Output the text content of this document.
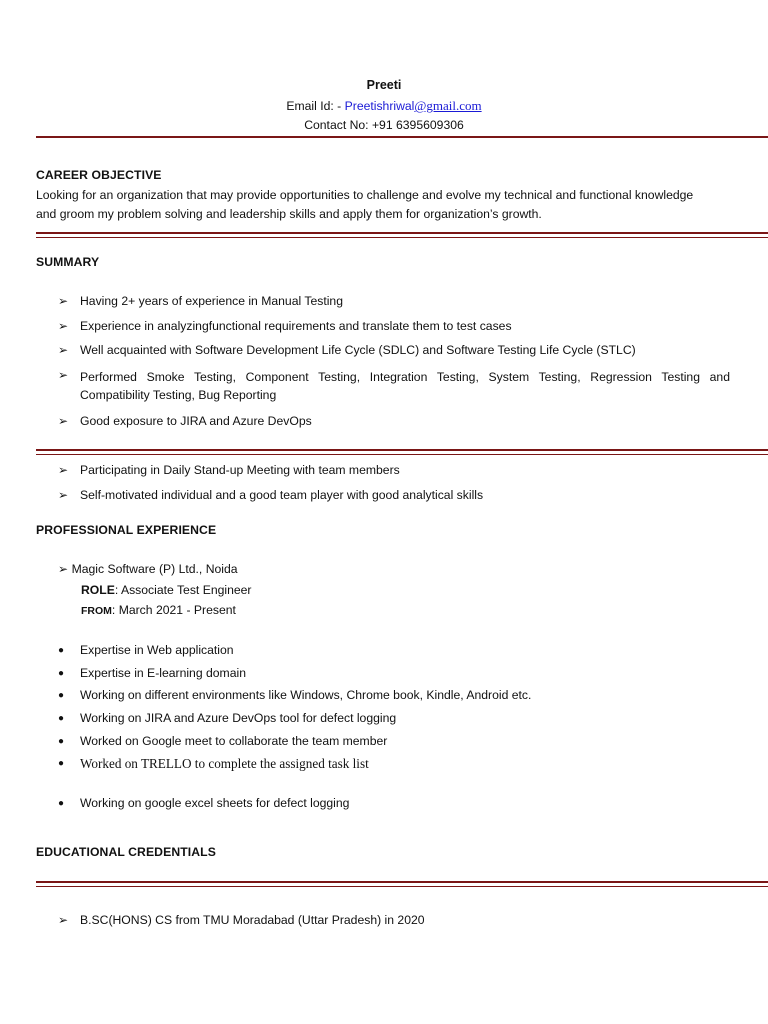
Preeti
Email Id: - Preetishriwal@gmail.com
Contact No: +91 6395609306
CAREER OBJECTIVE
Looking for an organization that may provide opportunities to challenge and evolve my technical and functional knowledge
and groom my problem solving and leadership skills and apply them for organization’s growth.
SUMMARY
➢ Having 2+ years of experience in Manual Testing
➢ Experience in analyzingfunctional requirements and translate them to test cases
➢ Well acquainted with Software Development Life Cycle (SDLC) and Software Testing Life Cycle (STLC)
➢ Performed Smoke Testing, Component Testing, Integration Testing, System Testing, Regression Testing and Compatibility Testing, Bug Reporting
➢ Good exposure to JIRA and Azure DevOps
➢ Participating in Daily Stand-up Meeting with team members
➢ Self-motivated individual and a good team player with good analytical skills
PROFESSIONAL EXPERIENCE
➢ Magic Software (P) Ltd., Noida
ROLE: Associate Test Engineer
FROM: March 2021 - Present
●	Expertise in Web application
●	Expertise in E-learning domain
●	Working on different environments like Windows, Chrome book, Kindle, Android etc.
●	Working on JIRA and Azure DevOps tool for defect logging
●	Worked on Google meet to collaborate the team member
●	Worked on TRELLO to complete the assigned task list
●	Working on google excel sheets for defect logging
EDUCATIONAL CREDENTIALS
➢ B.SC(HONS) CS from TMU Moradabad (Uttar Pradesh) in 2020
